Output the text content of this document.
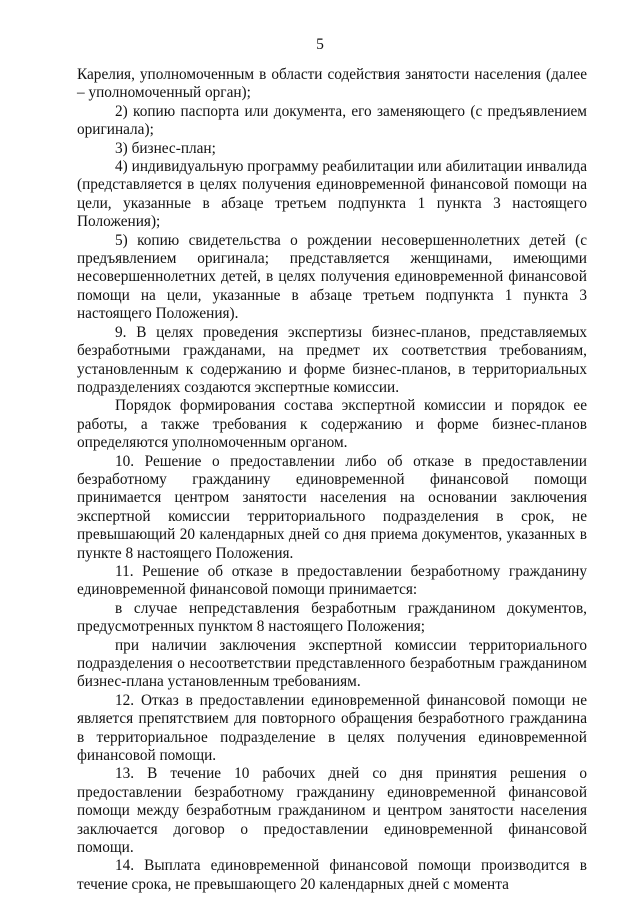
5

Карелия, уполномоченным в области содействия занятости населения (далее – уполномоченный орган);

2) копию паспорта или документа, его заменяющего (с предъявлением оригинала);

3) бизнес-план;

4) индивидуальную программу реабилитации или абилитации инвалида (представляется в целях получения единовременной финансовой помощи на цели, указанные в абзаце третьем подпункта 1 пункта 3 настоящего Положения);

5) копию свидетельства о рождении несовершеннолетних детей (с предъявлением оригинала; представляется женщинами, имеющими несовершеннолетних детей, в целях получения единовременной финансовой помощи на цели, указанные в абзаце третьем подпункта 1 пункта 3 настоящего Положения).

9. В целях проведения экспертизы бизнес-планов, представляемых безработными гражданами, на предмет их соответствия требованиям, установленным к содержанию и форме бизнес-планов, в территориальных подразделениях создаются экспертные комиссии.

Порядок формирования состава экспертной комиссии и порядок ее работы, а также требования к содержанию и форме бизнес-планов определяются уполномоченным органом.

10. Решение о предоставлении либо об отказе в предоставлении безработному гражданину единовременной финансовой помощи принимается центром занятости населения на основании заключения экспертной комиссии территориального подразделения в срок, не превышающий 20 календарных дней со дня приема документов, указанных в пункте 8 настоящего Положения.

11. Решение об отказе в предоставлении безработному гражданину единовременной финансовой помощи принимается:

в случае непредставления безработным гражданином документов, предусмотренных пунктом 8 настоящего Положения;

при наличии заключения экспертной комиссии территориального подразделения о несоответствии представленного безработным гражданином бизнес-плана установленным требованиям.

12. Отказ в предоставлении единовременной финансовой помощи не является препятствием для повторного обращения безработного гражданина в территориальное подразделение в целях получения единовременной финансовой помощи.

13. В течение 10 рабочих дней со дня принятия решения о предоставлении безработному гражданину единовременной финансовой помощи между безработным гражданином и центром занятости населения заключается договор о предоставлении единовременной финансовой помощи.

14. Выплата единовременной финансовой помощи производится в течение срока, не превышающего 20 календарных дней с момента
